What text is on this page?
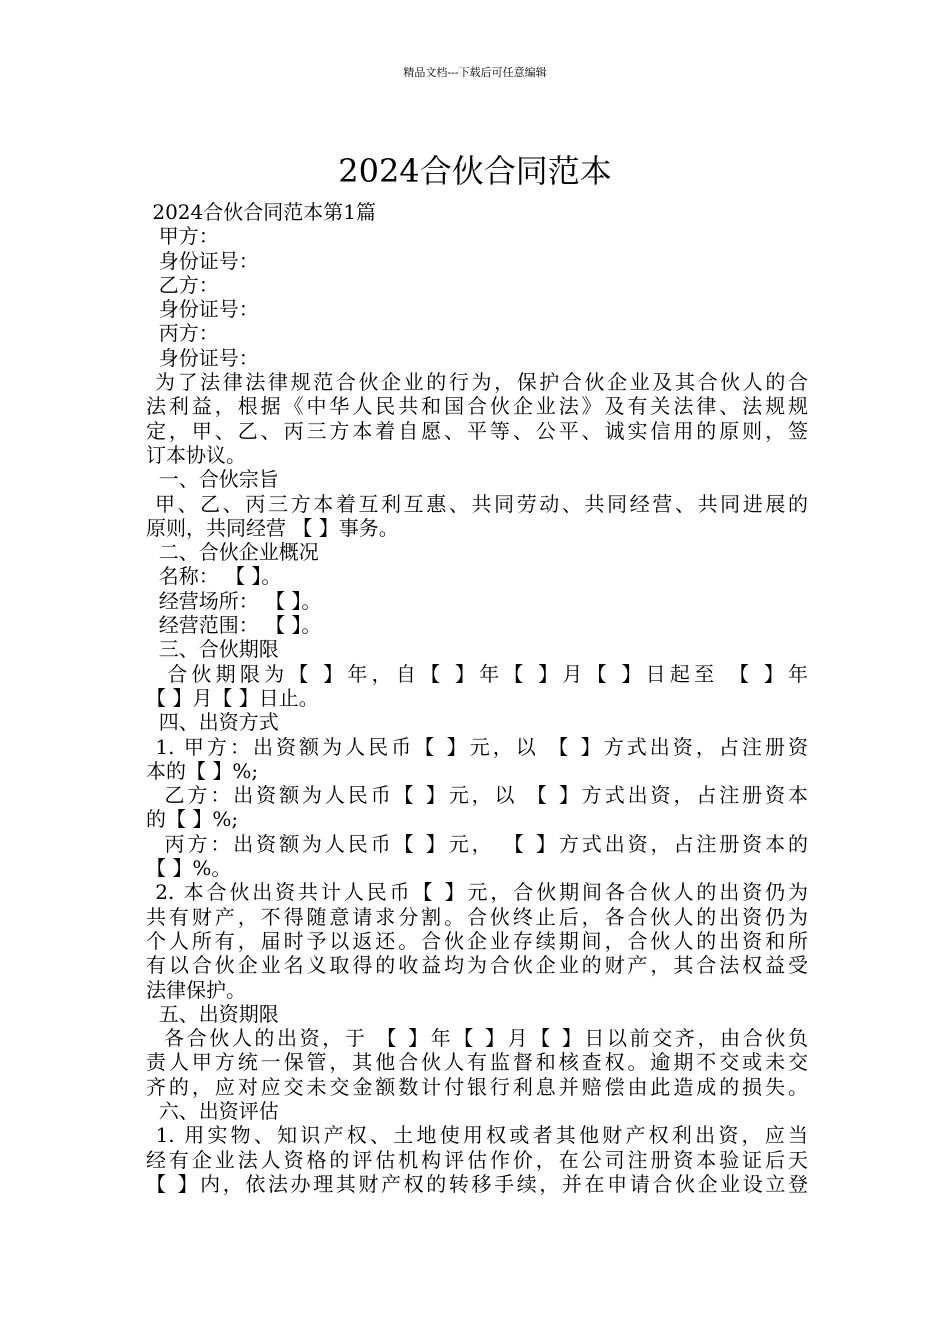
精品文档---下载后可任意编辑
2024合伙合同范本

2024合伙合同范本第1篇

甲方：

身份证号：

乙方：

身份证号：

丙方：

身份证号：

为了法律法律规范合伙企业的行为，保护合伙企业及其合伙人的合

法利益，根据《中华人民共和国合伙企业法》及有关法律、法规规

定，甲、乙、丙三方本着自愿、平等、公平、诚实信用的原则，签

订本协议。

一、合伙宗旨

甲、乙、丙三方本着互利互惠、共同劳动、共同经营、共同进展的

原则，共同经营 【 】事务。

二、合伙企业概况

名称： 【 】。

经营场所： 【 】。

经营范围： 【 】。

三、合伙期限

合伙期限为【 】年，自【 】年【 】月【 】日起至 【 】年

【 】月【 】日止。

四、出资方式

1. 甲方：出资额为人民币【 】元，以 【 】方式出资，占注册资

本的【 】%;

乙方：出资额为人民币【 】元，以 【 】方式出资，占注册资本

的【 】%;

丙方：出资额为人民币【 】元， 【 】方式出资，占注册资本的

【 】%。

2. 本合伙出资共计人民币【 】元，合伙期间各合伙人的出资仍为

共有财产，不得随意请求分割。合伙终止后，各合伙人的出资仍为

个人所有，届时予以返还。合伙企业存续期间，合伙人的出资和所

有以合伙企业名义取得的收益均为合伙企业的财产，其合法权益受

法律保护。

五、出资期限

各合伙人的出资，于 【 】年【 】月【 】日以前交齐，由合伙负

责人甲方统一保管，其他合伙人有监督和核查权。逾期不交或未交

齐的，应对应交未交金额数计付银行利息并赔偿由此造成的损失。

六、出资评估

1. 用实物、知识产权、土地使用权或者其他财产权利出资，应当

经有企业法人资格的评估机构评估作价，在公司注册资本验证后天

【 】内，依法办理其财产权的转移手续，并在申请合伙企业设立登
